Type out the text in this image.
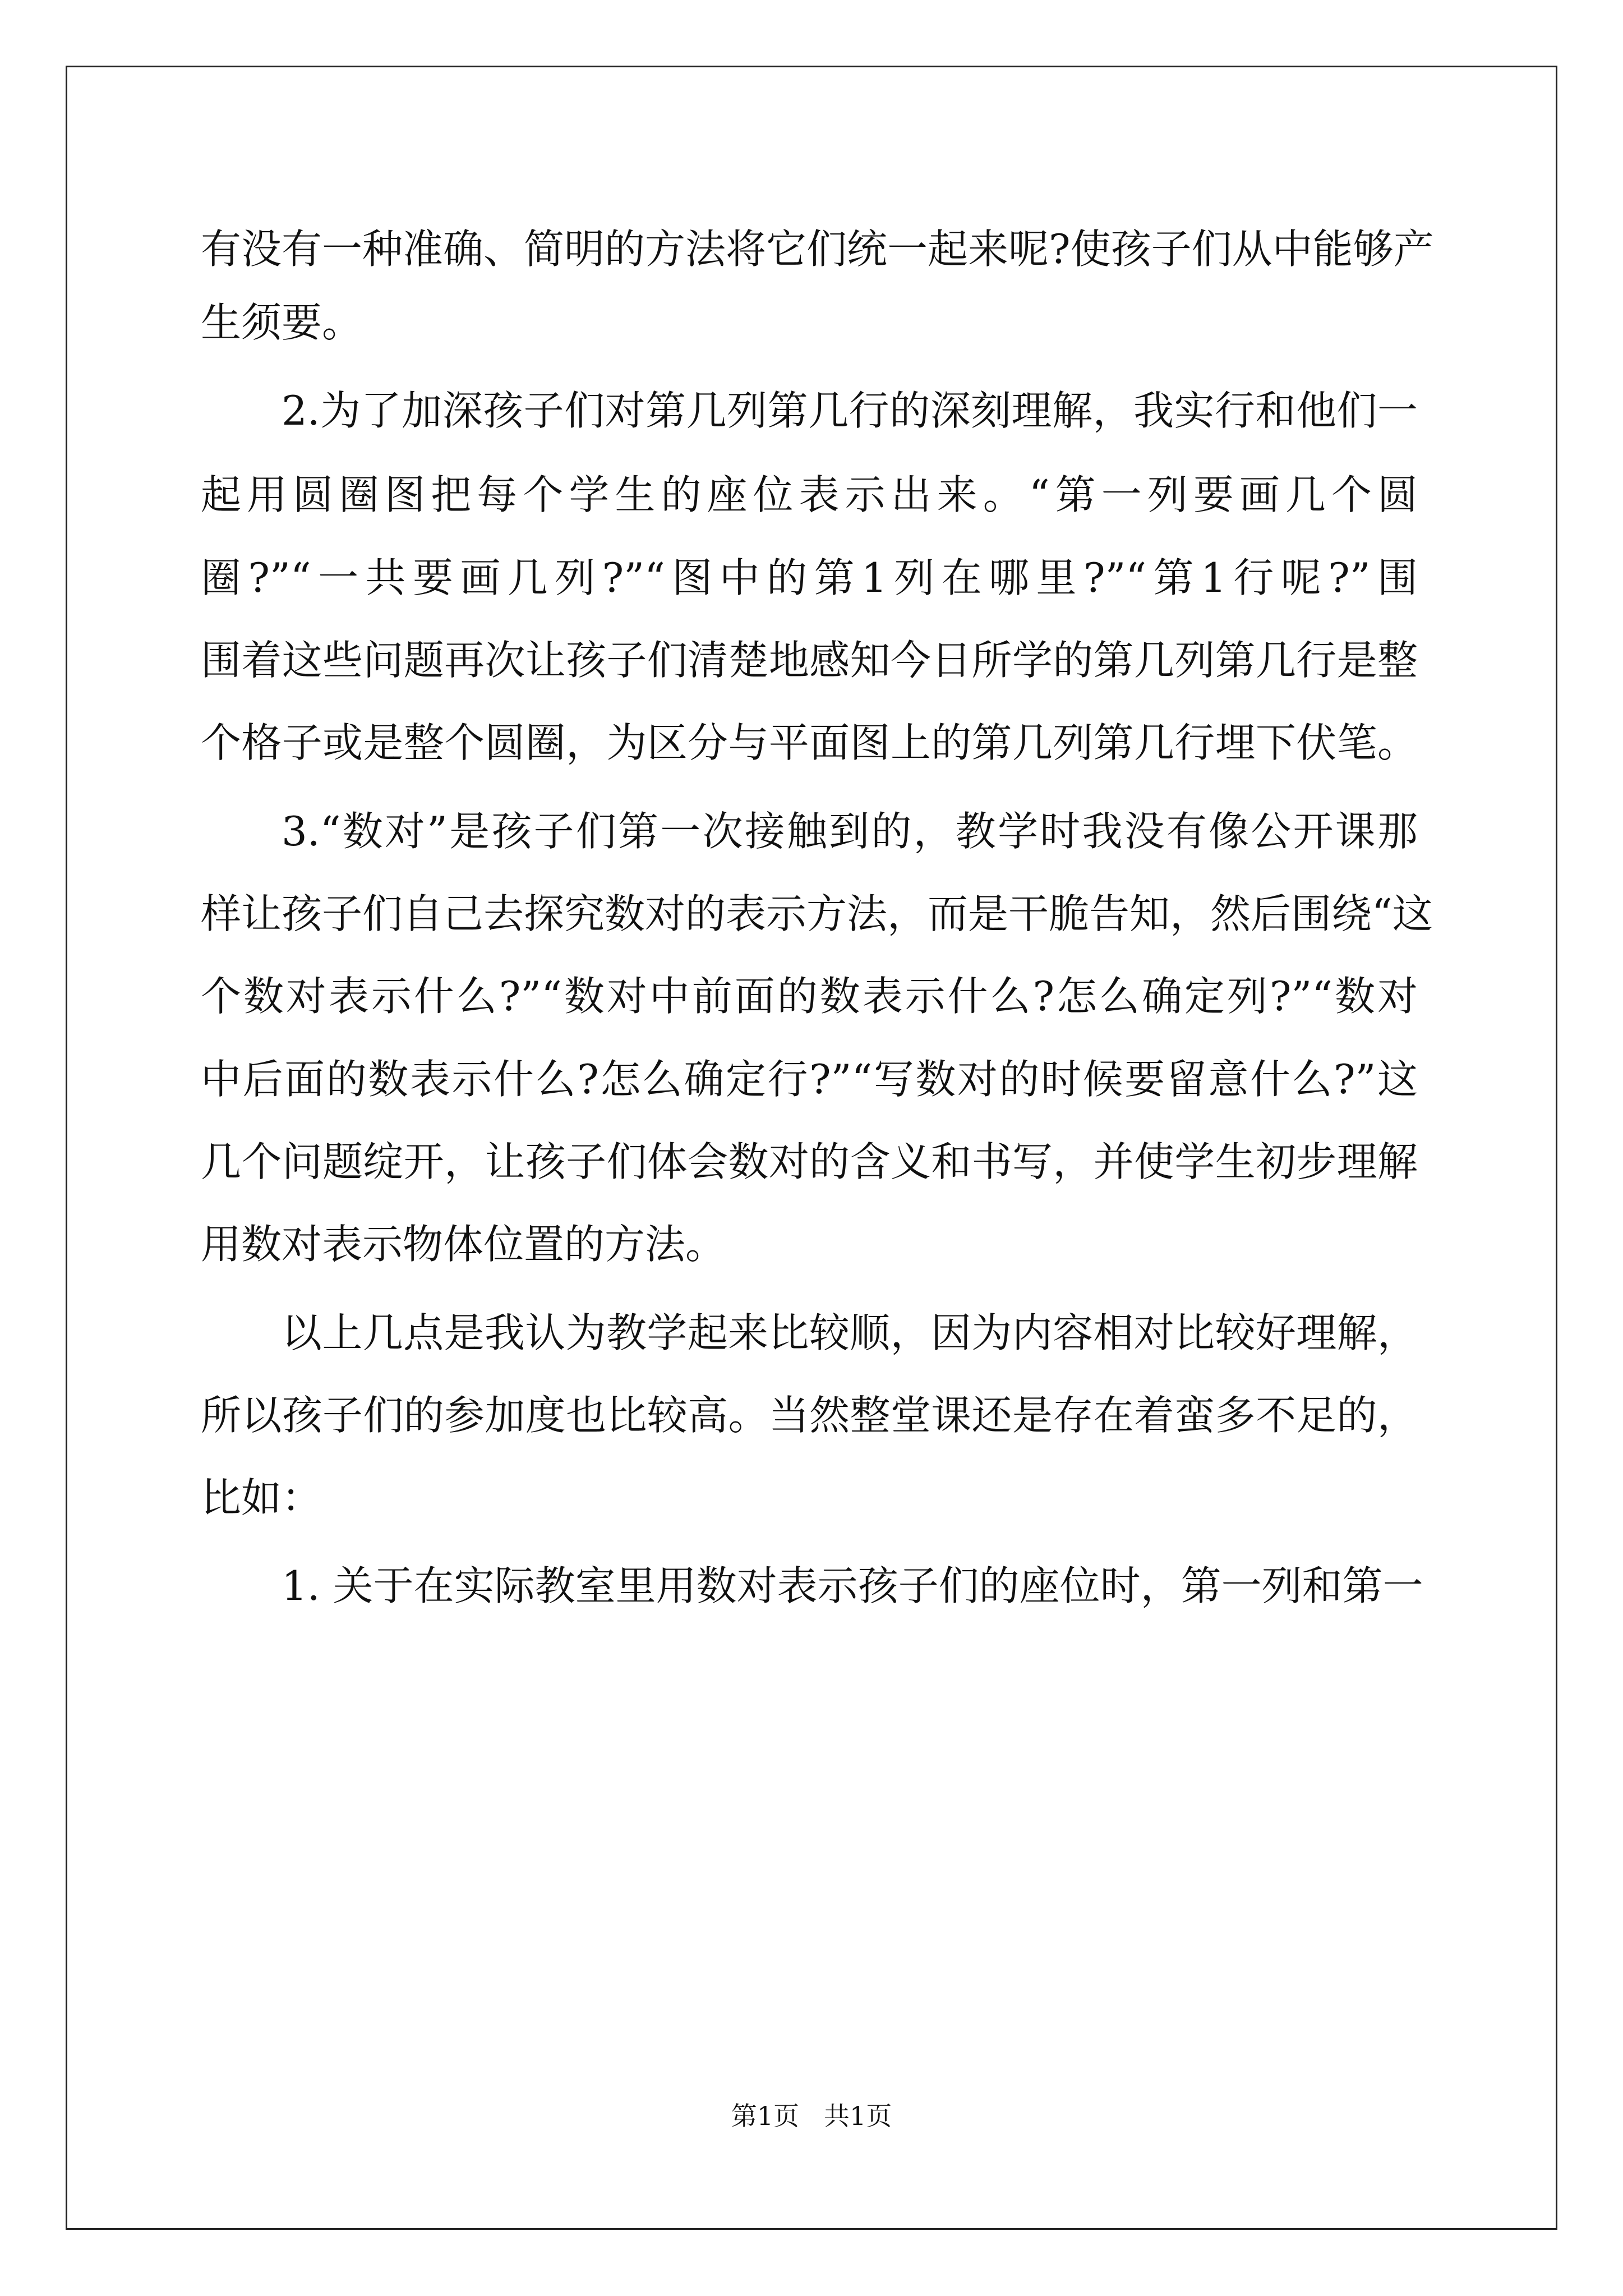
有没有一种准确、简明的方法将它们统一起来呢?使孩子们从中能够产
生须要。
2.为了加深孩子们对第几列第几行的深刻理解，我实行和他们一
起用圆圈图把每个学生的座位表示出来。“第一列要画几个圆
圈?”“一共要画几列?”“图中的第1列在哪里?”“第1行呢?”围
围着这些问题再次让孩子们清楚地感知今日所学的第几列第几行是整
个格子或是整个圆圈，为区分与平面图上的第几列第几行埋下伏笔。
3.“数对”是孩子们第一次接触到的，教学时我没有像公开课那
样让孩子们自己去探究数对的表示方法，而是干脆告知，然后围绕“这
个数对表示什么?”“数对中前面的数表示什么?怎么确定列?”“数对
中后面的数表示什么?怎么确定行?”“写数对的时候要留意什么?”这
几个问题绽开，让孩子们体会数对的含义和书写，并使学生初步理解
用数对表示物体位置的方法。
以上几点是我认为教学起来比较顺，因为内容相对比较好理解，
所以孩子们的参加度也比较高。当然整堂课还是存在着蛮多不足的，
比如：
1. 关于在实际教室里用数对表示孩子们的座位时，第一列和第一
第1页 共1页
